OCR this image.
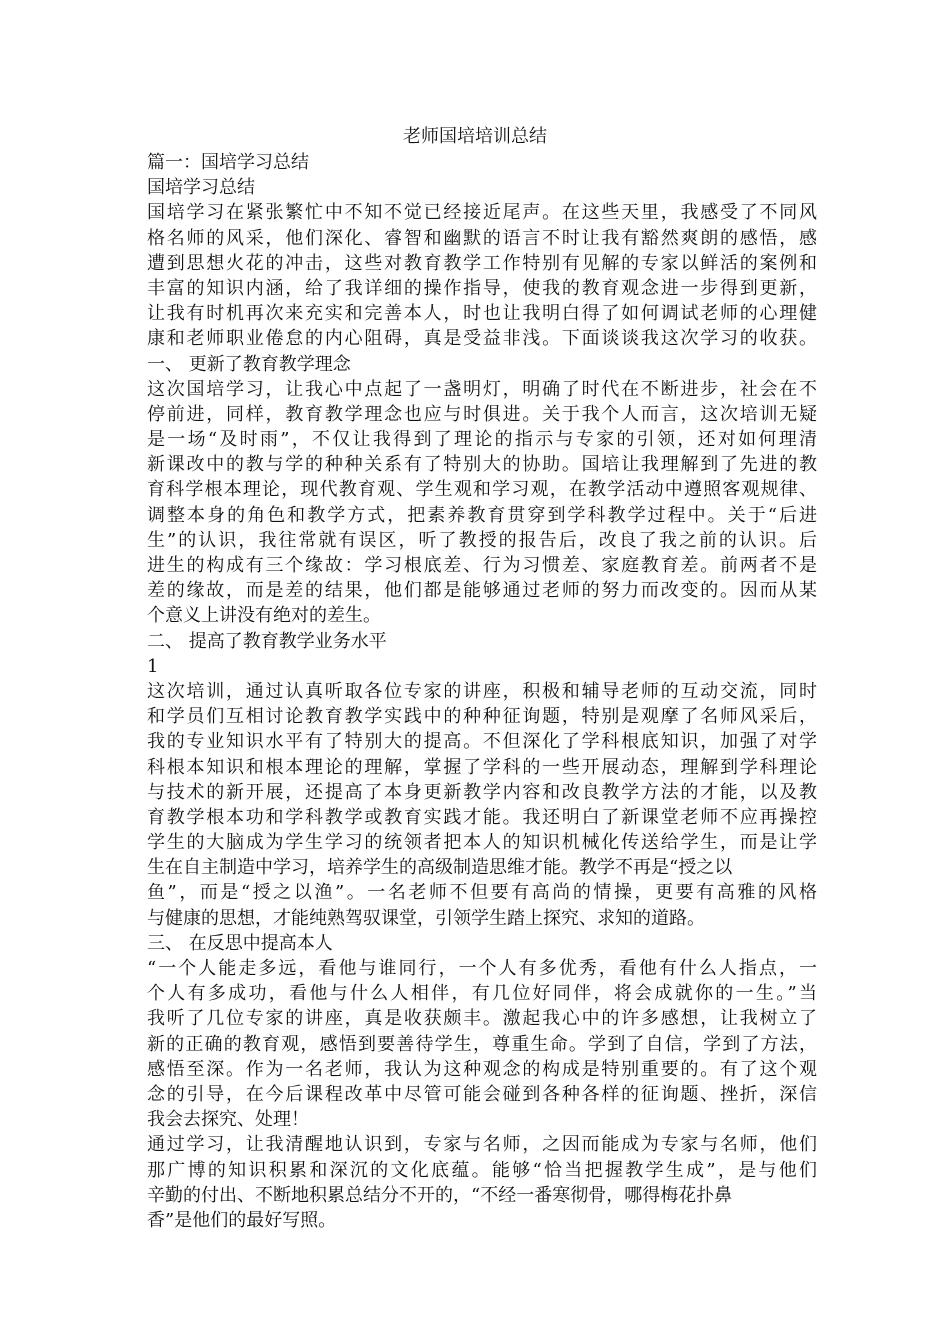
老师国培培训总结
篇一：国培学习总结
国培学习总结
国培学习在紧张繁忙中不知不觉已经接近尾声。在这些天里，我感受了不同风
格名师的风采，他们深化、睿智和幽默的语言不时让我有豁然爽朗的感悟，感
遭到思想火花的冲击，这些对教育教学工作特别有见解的专家以鲜活的案例和
丰富的知识内涵，给了我详细的操作指导，使我的教育观念进一步得到更新，
让我有时机再次来充实和完善本人，时也让我明白得了如何调试老师的心理健
康和老师职业倦怠的内心阻碍，真是受益非浅。下面谈谈我这次学习的收获。
一、 更新了教育教学理念
这次国培学习，让我心中点起了一盏明灯，明确了时代在不断进步，社会在不
停前进，同样，教育教学理念也应与时俱进。关于我个人而言，这次培训无疑
是一场“及时雨”，不仅让我得到了理论的指示与专家的引领，还对如何理清
新课改中的教与学的种种关系有了特别大的协助。国培让我理解到了先进的教
育科学根本理论，现代教育观、学生观和学习观，在教学活动中遵照客观规律、
调整本身的角色和教学方式，把素养教育贯穿到学科教学过程中。关于“后进
生”的认识，我往常就有误区，听了教授的报告后，改良了我之前的认识。后
进生的构成有三个缘故：学习根底差、行为习惯差、家庭教育差。前两者不是
差的缘故，而是差的结果，他们都是能够通过老师的努力而改变的。因而从某
个意义上讲没有绝对的差生。
二、 提高了教育教学业务水平
1
这次培训，通过认真听取各位专家的讲座，积极和辅导老师的互动交流，同时
和学员们互相讨论教育教学实践中的种种征询题，特别是观摩了名师风采后，
我的专业知识水平有了特别大的提高。不但深化了学科根底知识，加强了对学
科根本知识和根本理论的理解，掌握了学科的一些开展动态，理解到学科理论
与技术的新开展，还提高了本身更新教学内容和改良教学方法的才能，以及教
育教学根本功和学科教学或教育实践才能。我还明白了新课堂老师不应再操控
学生的大脑成为学生学习的统领者把本人的知识机械化传送给学生，而是让学
生在自主制造中学习，培养学生的高级制造思维才能。教学不再是“授之以
鱼”，而是“授之以渔”。一名老师不但要有高尚的情操，更要有高雅的风格
与健康的思想，才能纯熟驾驭课堂，引领学生踏上探究、求知的道路。
三、 在反思中提高本人
“一个人能走多远，看他与谁同行，一个人有多优秀，看他有什么人指点，一
个人有多成功，看他与什么人相伴，有几位好同伴，将会成就你的一生。”当
我听了几位专家的讲座，真是收获颇丰。激起我心中的许多感想，让我树立了
新的正确的教育观，感悟到要善待学生，尊重生命。学到了自信，学到了方法，
感悟至深。作为一名老师，我认为这种观念的构成是特别重要的。有了这个观
念的引导，在今后课程改革中尽管可能会碰到各种各样的征询题、挫折，深信
我会去探究、处理！
通过学习，让我清醒地认识到，专家与名师，之因而能成为专家与名师，他们
那广博的知识积累和深沉的文化底蕴。能够“恰当把握教学生成”，是与他们
辛勤的付出、不断地积累总结分不开的，“不经一番寒彻骨，哪得梅花扑鼻
香”是他们的最好写照。
